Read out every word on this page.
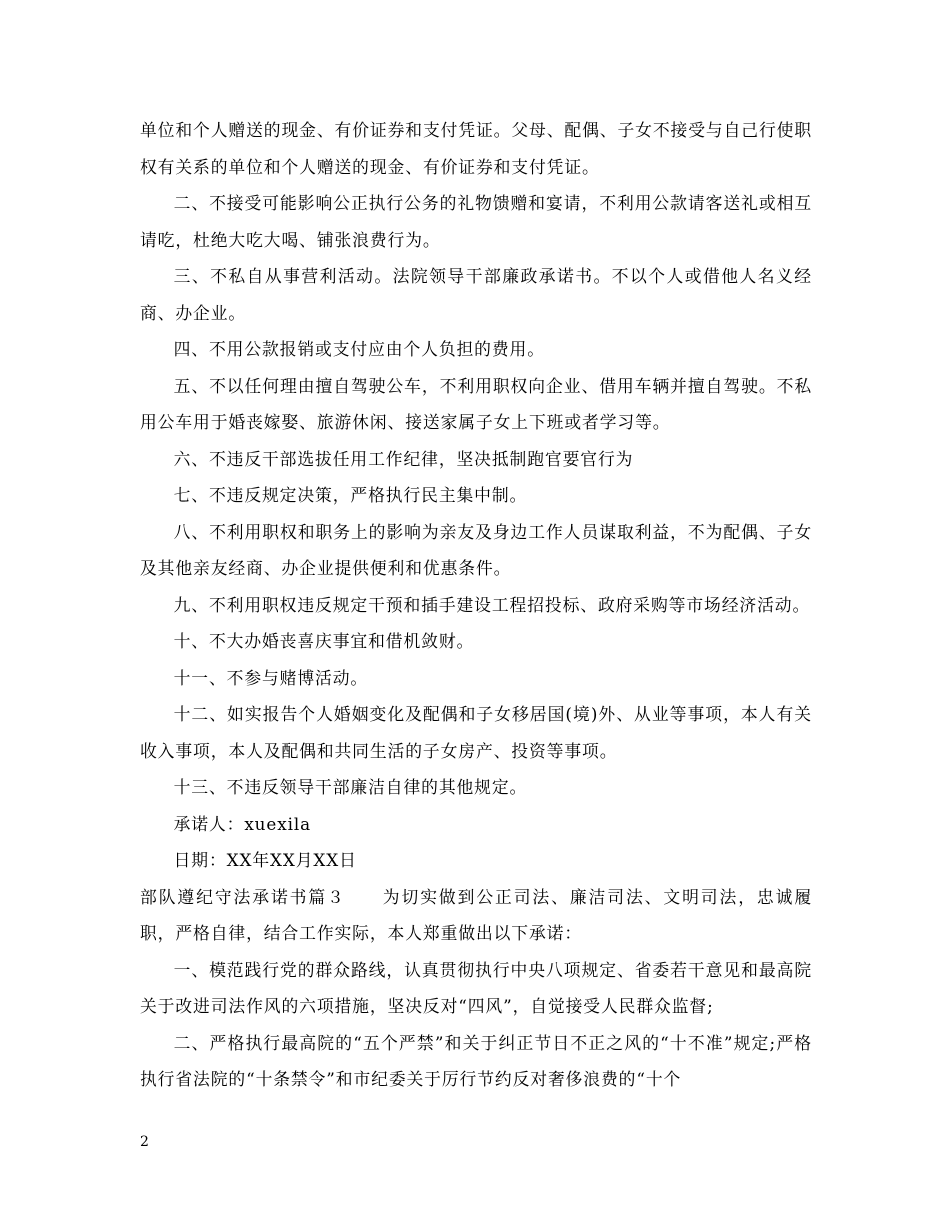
单位和个人赠送的现金、有价证券和支付凭证。父母、配偶、子女不接受与自己行使职权有关系的单位和个人赠送的现金、有价证券和支付凭证。

二、不接受可能影响公正执行公务的礼物馈赠和宴请，不利用公款请客送礼或相互请吃，杜绝大吃大喝、铺张浪费行为。

三、不私自从事营利活动。法院领导干部廉政承诺书。不以个人或借他人名义经商、办企业。

四、不用公款报销或支付应由个人负担的费用。

五、不以任何理由擅自驾驶公车，不利用职权向企业、借用车辆并擅自驾驶。不私用公车用于婚丧嫁娶、旅游休闲、接送家属子女上下班或者学习等。

六、不违反干部选拔任用工作纪律，坚决抵制跑官要官行为

七、不违反规定决策，严格执行民主集中制。

八、不利用职权和职务上的影响为亲友及身边工作人员谋取利益，不为配偶、子女及其他亲友经商、办企业提供便利和优惠条件。

九、不利用职权违反规定干预和插手建设工程招投标、政府采购等市场经济活动。

十、不大办婚丧喜庆事宜和借机敛财。

十一、不参与赌博活动。

十二、如实报告个人婚姻变化及配偶和子女移居国(境)外、从业等事项，本人有关收入事项，本人及配偶和共同生活的子女房产、投资等事项。

十三、不违反领导干部廉洁自律的其他规定。

承诺人：xuexila

日期：XX年XX月XX日

部队遵纪守法承诺书篇３ 为切实做到公正司法、廉洁司法、文明司法，忠诚履职，严格自律，结合工作实际，本人郑重做出以下承诺：

一、模范践行党的群众路线，认真贯彻执行中央八项规定、省委若干意见和最高院关于改进司法作风的六项措施，坚决反对“四风”，自觉接受人民群众监督;

二、严格执行最高院的“五个严禁”和关于纠正节日不正之风的“十不准”规定;严格执行省法院的“十条禁令”和市纪委关于厉行节约反对奢侈浪费的“十个

2
